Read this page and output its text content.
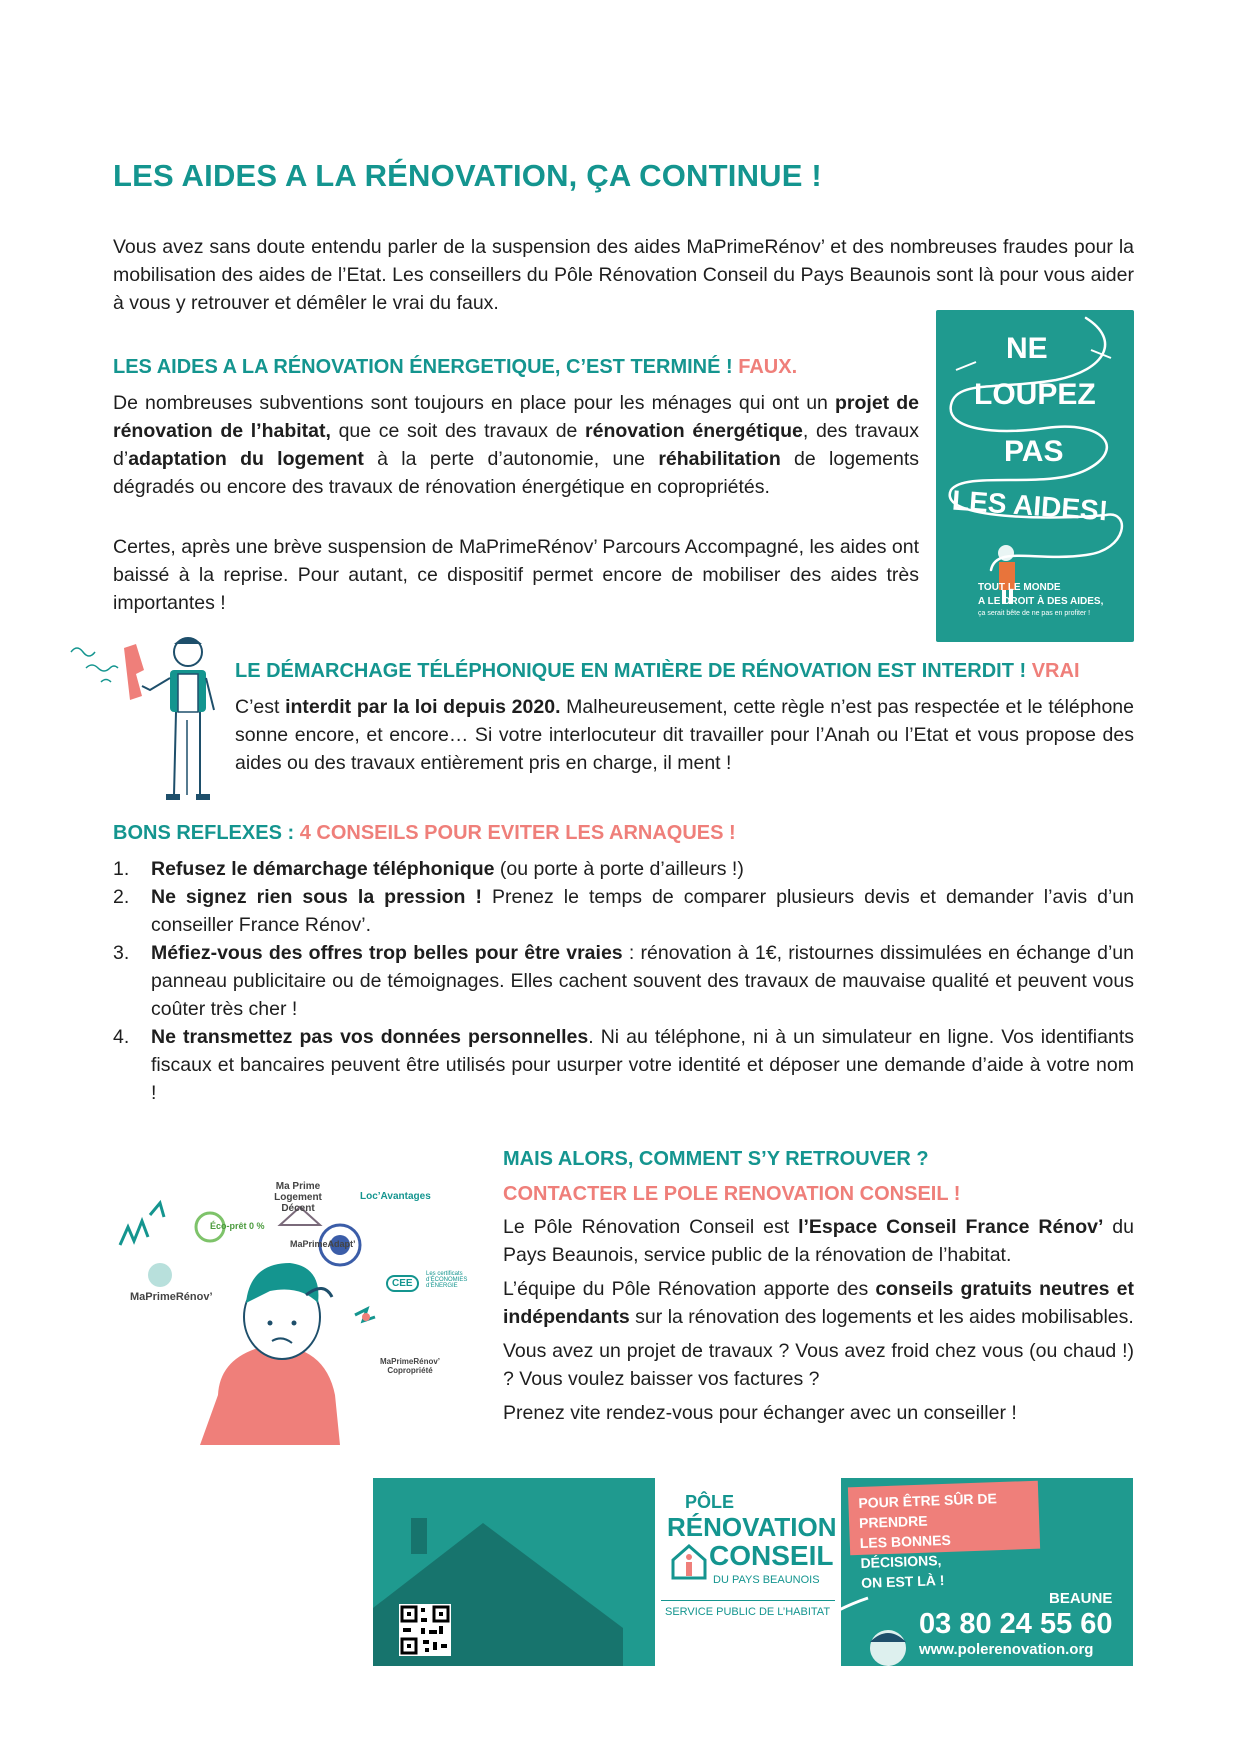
LES AIDES A LA RÉNOVATION, ÇA CONTINUE !

Vous avez sans doute entendu parler de la suspension des aides MaPrimeRénov’ et des nombreuses fraudes pour la mobilisation des aides de l’Etat. Les conseillers du Pôle Rénovation Conseil du Pays Beaunois sont là pour vous aider à vous y retrouver et démêler le vrai du faux.

LES AIDES A LA RÉNOVATION ÉNERGETIQUE, C’EST TERMINÉ ! FAUX.

De nombreuses subventions sont toujours en place pour les ménages qui ont un projet de rénovation de l’habitat, que ce soit des travaux de rénovation énergétique, des travaux d’adaptation du logement à la perte d’autonomie, une réhabilitation de logements dégradés ou encore des travaux de rénovation énergétique en copropriétés.

Certes, après une brève suspension de MaPrimeRénov’ Parcours Accompagné, les aides ont baissé à la reprise. Pour autant, ce dispositif permet encore de mobiliser des aides très importantes !

NE
LOUPEZ
PAS
LES AIDES!
TOUT LE MONDE
A LE DROIT À DES AIDES,
ça serait bête de ne pas en profiter !

LE DÉMARCHAGE TÉLÉPHONIQUE EN MATIÈRE DE RÉNOVATION EST INTERDIT ! VRAI

C’est interdit par la loi depuis 2020. Malheureusement, cette règle n’est pas respectée et le téléphone sonne encore, et encore… Si votre interlocuteur dit travailler pour l’Anah ou l’Etat et vous propose des aides ou des travaux entièrement pris en charge, il ment !

BONS REFLEXES : 4 CONSEILS POUR EVITER LES ARNAQUES !

1. Refusez le démarchage téléphonique (ou porte à porte d’ailleurs !)
2. Ne signez rien sous la pression ! Prenez le temps de comparer plusieurs devis et demander l’avis d’un conseiller France Rénov’.
3. Méfiez-vous des offres trop belles pour être vraies : rénovation à 1€, ristournes dissimulées en échange d’un panneau publicitaire ou de témoignages. Elles cachent souvent des travaux de mauvaise qualité et peuvent vous coûter très cher !
4. Ne transmettez pas vos données personnelles. Ni au téléphone, ni à un simulateur en ligne. Vos identifiants fiscaux et bancaires peuvent être utilisés pour usurper votre identité et déposer une demande d’aide à votre nom !
Ma Prime
Logement Décent
Loc’Avantages
Éco-prêt 0 %
MaPrimeAdapt’
MaPrimeRénov’
CEE
Les certificats d’ÉCONOMIES d’ÉNERGIE
MaPrimeRénov’
Copropriété

MAIS ALORS, COMMENT S’Y RETROUVER ?

CONTACTER LE POLE RENOVATION CONSEIL !

Le Pôle Rénovation Conseil est l’Espace Conseil France Rénov’ du Pays Beaunois, service public de la rénovation de l’habitat.

L’équipe du Pôle Rénovation apporte des conseils gratuits neutres et indépendants sur la rénovation des logements et les aides mobilisables.

Vous avez un projet de travaux ? Vous avez froid chez vous (ou chaud !) ? Vous voulez baisser vos factures ?

Prenez vite rendez-vous pour échanger avec un conseiller !

PÔLE
RÉNOVATION
CONSEIL
DU PAYS BEAUNOIS
SERVICE PUBLIC DE L’HABITAT
POUR ÊTRE SÛR DE PRENDRE
LES BONNES DÉCISIONS,
ON EST LÀ !
BEAUNE
03 80 24 55 60
www.polerenovation.org
